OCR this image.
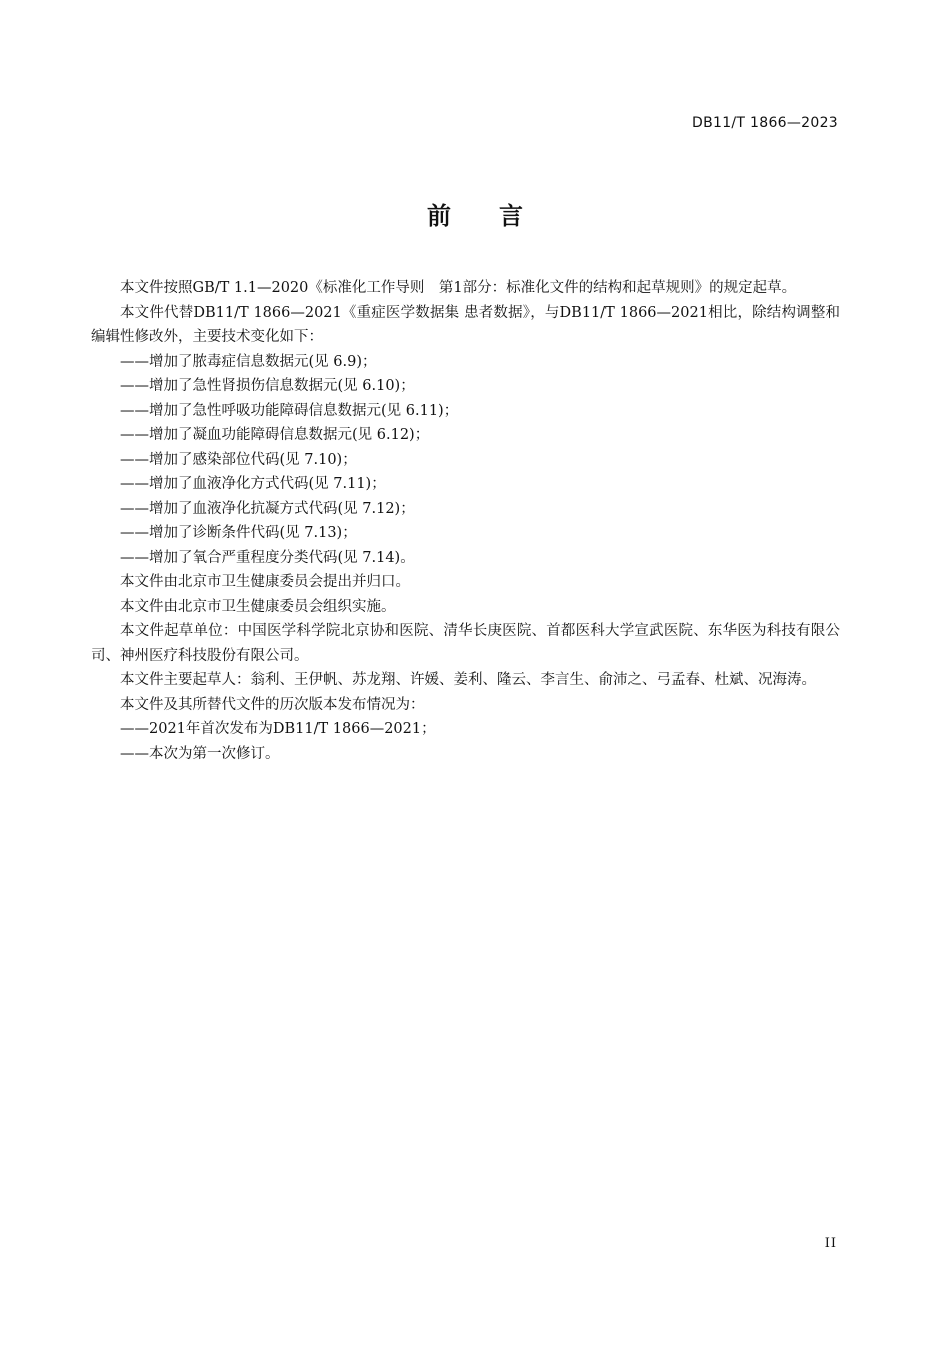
DB11/T 1866—2023
前言

本文件按照GB/T 1.1—2020《标准化工作导则　第1部分：标准化文件的结构和起草规则》的规定起草。

本文件代替DB11/T 1866—2021《重症医学数据集 患者数据》，与DB11/T 1866—2021相比，除结构调整和编辑性修改外，主要技术变化如下：

——增加了脓毒症信息数据元(见 6.9)；

——增加了急性肾损伤信息数据元(见 6.10)；

——增加了急性呼吸功能障碍信息数据元(见 6.11)；

——增加了凝血功能障碍信息数据元(见 6.12)；

——增加了感染部位代码(见 7.10)；

——增加了血液净化方式代码(见 7.11)；

——增加了血液净化抗凝方式代码(见 7.12)；

——增加了诊断条件代码(见 7.13)；

——增加了氧合严重程度分类代码(见 7.14)。

本文件由北京市卫生健康委员会提出并归口。

本文件由北京市卫生健康委员会组织实施。

本文件起草单位：中国医学科学院北京协和医院、清华长庚医院、首都医科大学宣武医院、东华医为科技有限公司、神州医疗科技股份有限公司。

本文件主要起草人：翁利、王伊帆、苏龙翔、许媛、姜利、隆云、李言生、俞沛之、弓孟春、杜斌、况海涛。

本文件及其所替代文件的历次版本发布情况为：

——2021年首次发布为DB11/T 1866—2021；

——本次为第一次修订。

II
